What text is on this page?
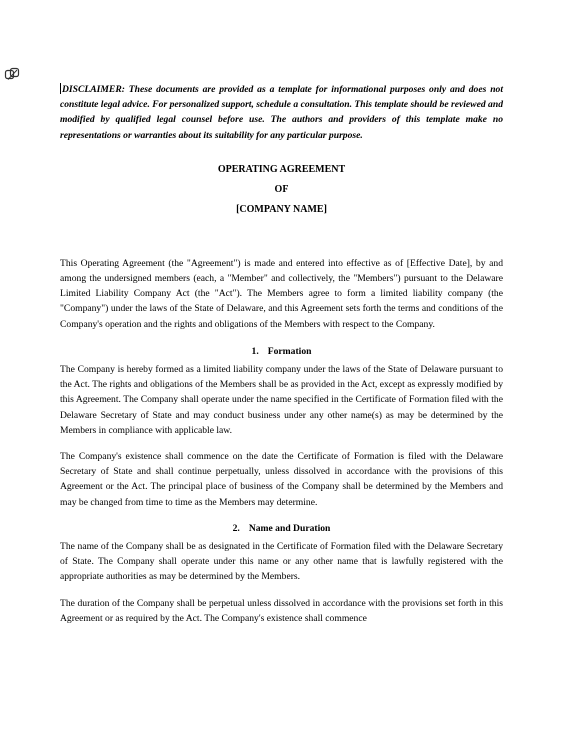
DISCLAIMER: These documents are provided as a template for informational purposes only and does not constitute legal advice. For personalized support, schedule a consultation. This template should be reviewed and modified by qualified legal counsel before use. The authors and providers of this template make no representations or warranties about its suitability for any particular purpose.

OPERATING AGREEMENT
OF
[COMPANY NAME]

This Operating Agreement (the "Agreement") is made and entered into effective as of [Effective Date], by and among the undersigned members (each, a "Member" and collectively, the "Members") pursuant to the Delaware Limited Liability Company Act (the "Act"). The Members agree to form a limited liability company (the "Company") under the laws of the State of Delaware, and this Agreement sets forth the terms and conditions of the Company's operation and the rights and obligations of the Members with respect to the Company.

1. Formation

The Company is hereby formed as a limited liability company under the laws of the State of Delaware pursuant to the Act. The rights and obligations of the Members shall be as provided in the Act, except as expressly modified by this Agreement. The Company shall operate under the name specified in the Certificate of Formation filed with the Delaware Secretary of State and may conduct business under any other name(s) as may be determined by the Members in compliance with applicable law.

The Company's existence shall commence on the date the Certificate of Formation is filed with the Delaware Secretary of State and shall continue perpetually, unless dissolved in accordance with the provisions of this Agreement or the Act. The principal place of business of the Company shall be determined by the Members and may be changed from time to time as the Members may determine.

2. Name and Duration

The name of the Company shall be as designated in the Certificate of Formation filed with the Delaware Secretary of State. The Company shall operate under this name or any other name that is lawfully registered with the appropriate authorities as may be determined by the Members.

The duration of the Company shall be perpetual unless dissolved in accordance with the provisions set forth in this Agreement or as required by the Act. The Company's existence shall commence
